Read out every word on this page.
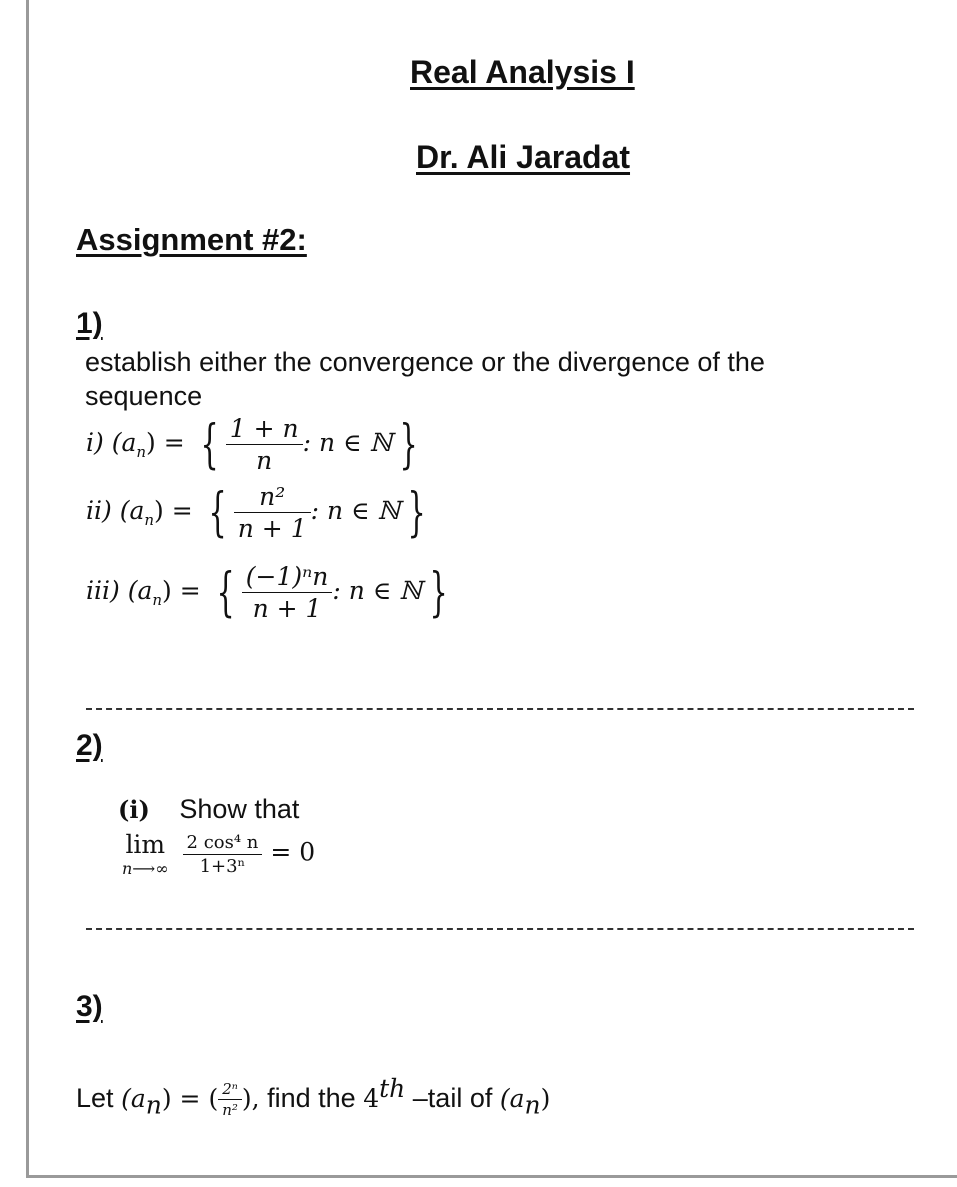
Real Analysis I
Dr. Ali Jaradat
Assignment #2:
1)
establish either the convergence or the divergence of the
sequence
i) $(a_n)$ = { $\frac{1 + n}{n}$ : n ∈ ℕ }
ii) $(a_n)$ = { $\frac{\text{n²}}{n + 1}$ : n ∈ ℕ }
iii) $(a_n)$ = { $\frac{\text{(−1)ⁿn}}{n + 1}$ : n ∈ ℕ }
2)
(i) Show that
lim
n⟶∞
$\frac{\text{2 cos⁴ n}}{\text{1+3ⁿ}} = 0$
3)
Let $(a_n)$ = ( $\frac{\text{2ⁿ}}{\text{n²}}$ ), find the 4th –tail of $(a_n)$
